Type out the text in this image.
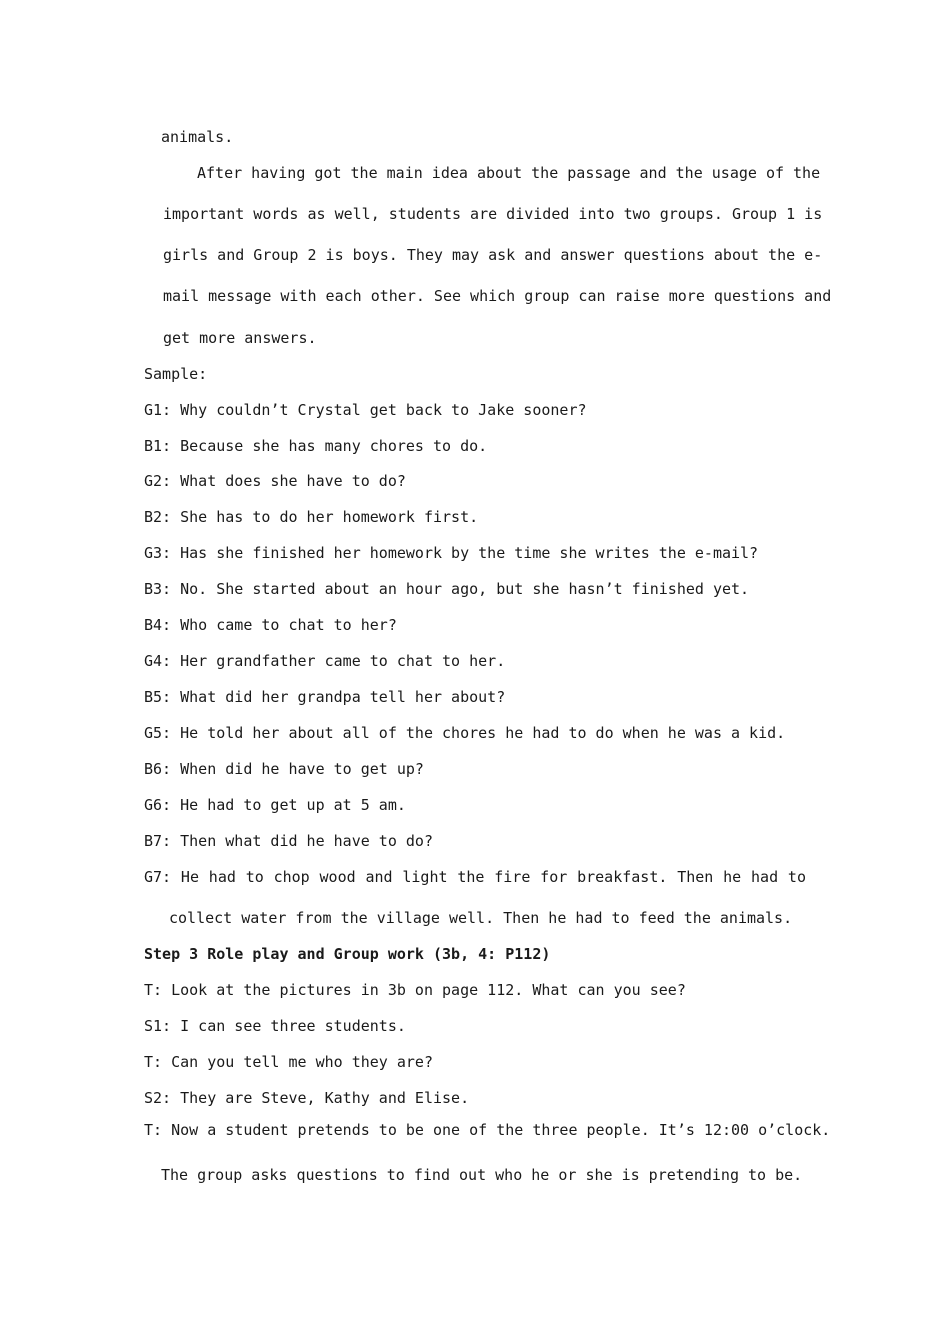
animals.
After having got the main idea about the passage and the usage of the
important words as well, students are divided into two groups. Group 1 is
girls and Group 2 is boys. They may ask and answer questions about the e-
mail message with each other. See which group can raise more questions and
get more answers.
Sample:
G1: Why couldn’t Crystal get back to Jake sooner?
B1: Because she has many chores to do.
G2: What does she have to do?
B2: She has to do her homework first.
G3: Has she finished her homework by the time she writes the e-mail?
B3: No. She started about an hour ago, but she hasn’t finished yet.
B4: Who came to chat to her?
G4: Her grandfather came to chat to her.
B5: What did her grandpa tell her about?
G5: He told her about all of the chores he had to do when he was a kid.
B6: When did he have to get up?
G6: He had to get up at 5 am.
B7: Then what did he have to do?
G7: He had to chop wood and light the fire for breakfast. Then he had to
collect water from the village well. Then he had to feed the animals.
Step 3 Role play and Group work (3b, 4: P112)
T: Look at the pictures in 3b on page 112. What can you see?
S1: I can see three students.
T: Can you tell me who they are?
S2: They are Steve, Kathy and Elise.
T: Now a student pretends to be one of the three people. It’s 12:00 o’clock.
The group asks questions to find out who he or she is pretending to be.
